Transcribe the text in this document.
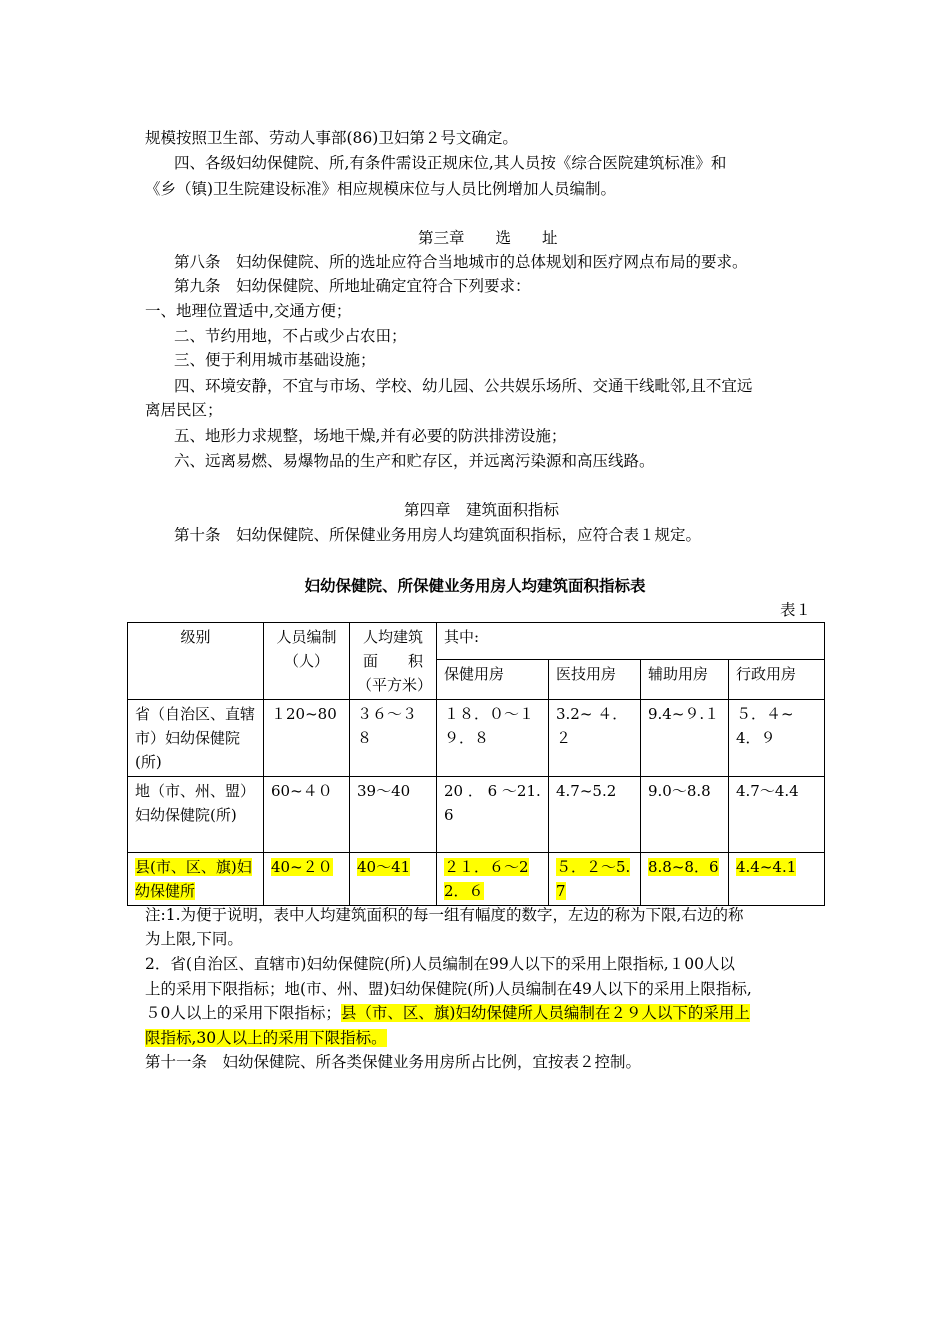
规模按照卫生部、劳动人事部(86)卫妇第２号文确定。
四、各级妇幼保健院、所,有条件需设正规床位,其人员按《综合医院建筑标准》和
《乡（镇)卫生院建设标准》相应规模床位与人员比例增加人员编制。
第三章　　选　　址
第八条　妇幼保健院、所的选址应符合当地城市的总体规划和医疗网点布局的要求。
第九条　妇幼保健院、所地址确定宜符合下列要求：
一、地理位置适中,交通方便；
二、节约用地，不占或少占农田；
三、便于利用城市基础设施；
四、环境安静，不宜与市场、学校、幼儿园、公共娱乐场所、交通干线毗邻,且不宜远
离居民区；
五、地形力求规整，场地干燥,并有必要的防洪排涝设施；
六、远离易燃、易爆物品的生产和贮存区，并远离污染源和高压线路。
第四章　建筑面积指标
第十条　妇幼保健院、所保健业务用房人均建筑面积指标，应符合表１规定。
妇幼保健院、所保健业务用房人均建筑面积指标表
表１
级别	人员编制（人）	人均建筑面　　积（平方米）	其中:			
			保健用房	医技用房	辅助用房	行政用房
省（自治区、直辖市）妇幼保健院(所)	１20~80	３６～３８	１８．０～１９．８	3.2~ ４．２	9.4~９.１	５．４~4．９
地（市、州、盟）妇幼保健院(所)	60~４０	39～40	20 ． 6 ～21.6	4.7~5.2	9.0～8.8	4.7～4.4
县(市、区、旗)妇幼保健所	40~２０	40～41	２１．６～22．６	５．２～5.7	8.8~8．6	4.4~4.1
注:1.为便于说明，表中人均建筑面积的每一组有幅度的数字，左边的称为下限,右边的称
为上限,下同。
2．省(自治区、直辖市)妇幼保健院(所)人员编制在99人以下的采用上限指标,１00人以
上的采用下限指标；地(市、州、盟)妇幼保健院(所)人员编制在49人以下的采用上限指标,
５0人以上的采用下限指标；县（市、区、旗)妇幼保健所人员编制在２９人以下的采用上
限指标,30人以上的采用下限指标。
第十一条　妇幼保健院、所各类保健业务用房所占比例，宜按表２控制。
